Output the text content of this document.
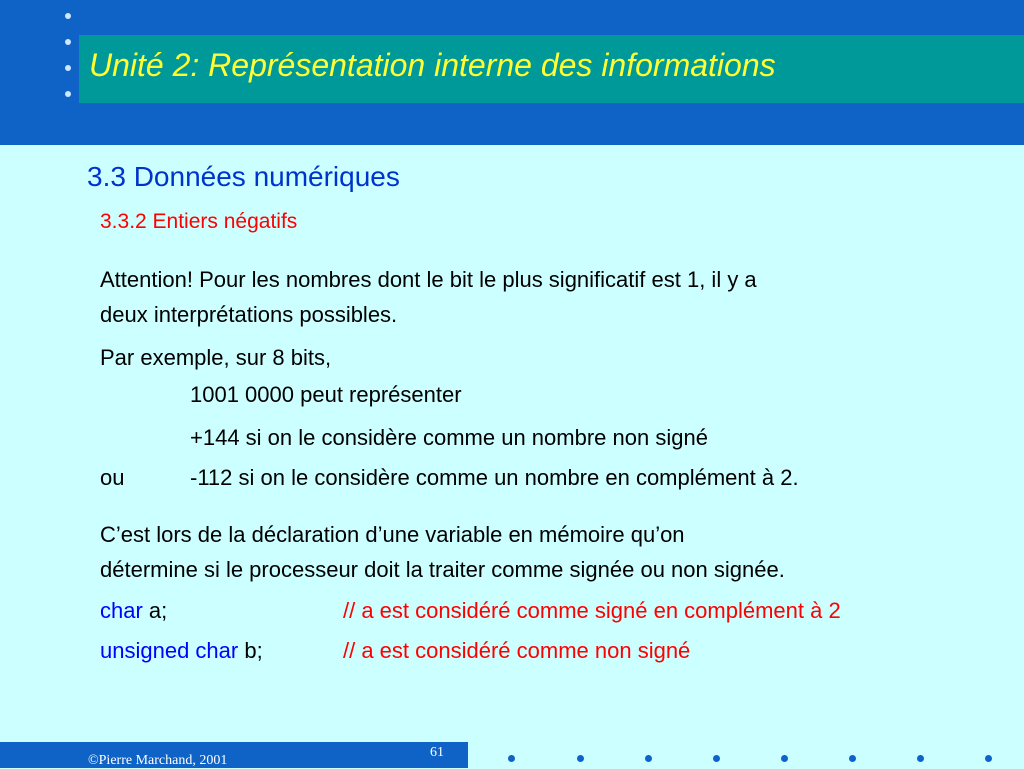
Unité 2: Représentation interne des informations
3.3 Données numériques
3.3.2 Entiers négatifs
Attention! Pour les nombres dont le bit le plus significatif est 1, il y a
deux interprétations possibles.
Par exemple, sur 8 bits,
1001 0000 peut représenter
+144 si on le considère comme un nombre non signé
ou	-112 si on le considère comme un nombre en complément à 2.
C’est lors de la déclaration d’une variable en mémoire qu’on
détermine si le processeur doit la traiter comme signée ou non signée.
char a;	// a est considéré comme signé en complément à 2
unsigned char b;	// a est considéré comme non signé
©Pierre Marchand, 2001
61
